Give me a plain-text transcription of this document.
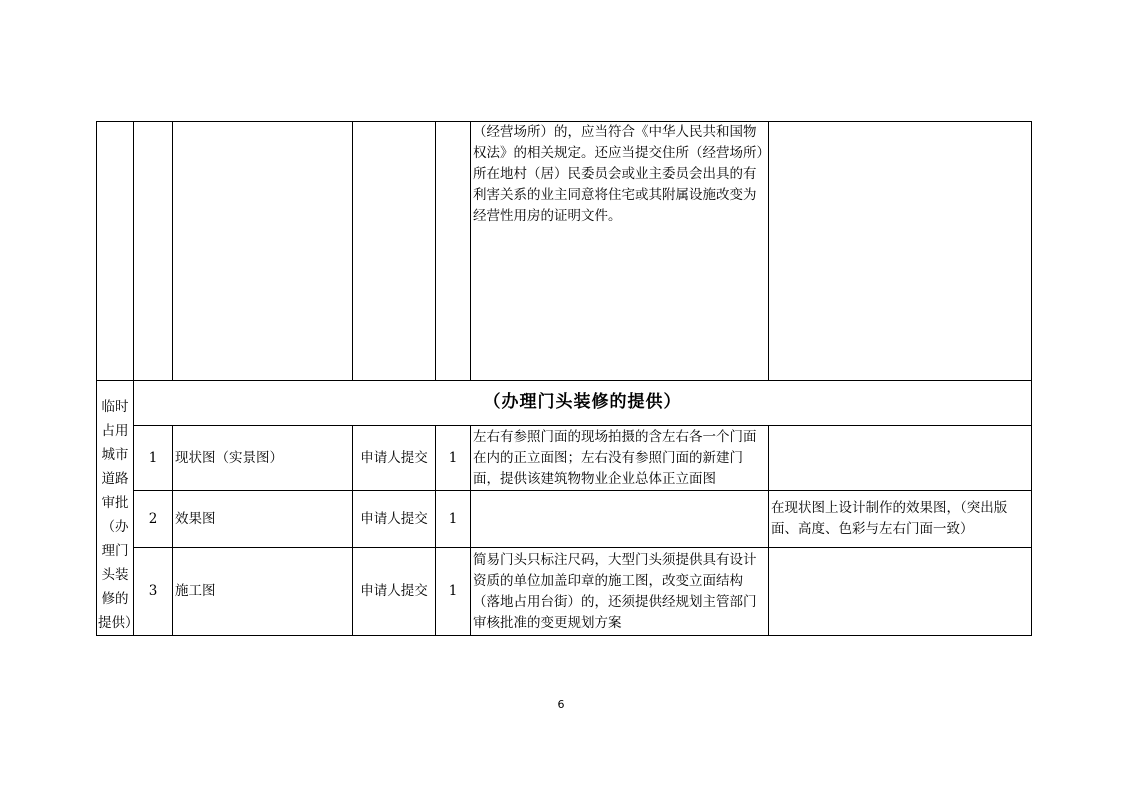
					（经营场所）的，应当符合《中华人民共和国物权法》的相关规定。还应当提交住所（经营场所）所在地村（居）民委员会或业主委员会出具的有利害关系的业主同意将住宅或其附属设施改变为经营性用房的证明文件。	
临时占用城市道路审批（办理门头装修的提供）	（办理门头装修的提供）					
	1	现状图（实景图）	申请人提交	1	左右有参照门面的现场拍摄的含左右各一个门面在内的正立面图；左右没有参照门面的新建门面，提供该建筑物物业企业总体正立面图	
	2	效果图	申请人提交	1		在现状图上设计制作的效果图，（突出版面、高度、色彩与左右门面一致）
	3	施工图	申请人提交	1	简易门头只标注尺码，大型门头须提供具有设计资质的单位加盖印章的施工图，改变立面结构（落地占用台街）的，还须提供经规划主管部门审核批准的变更规划方案	
6
